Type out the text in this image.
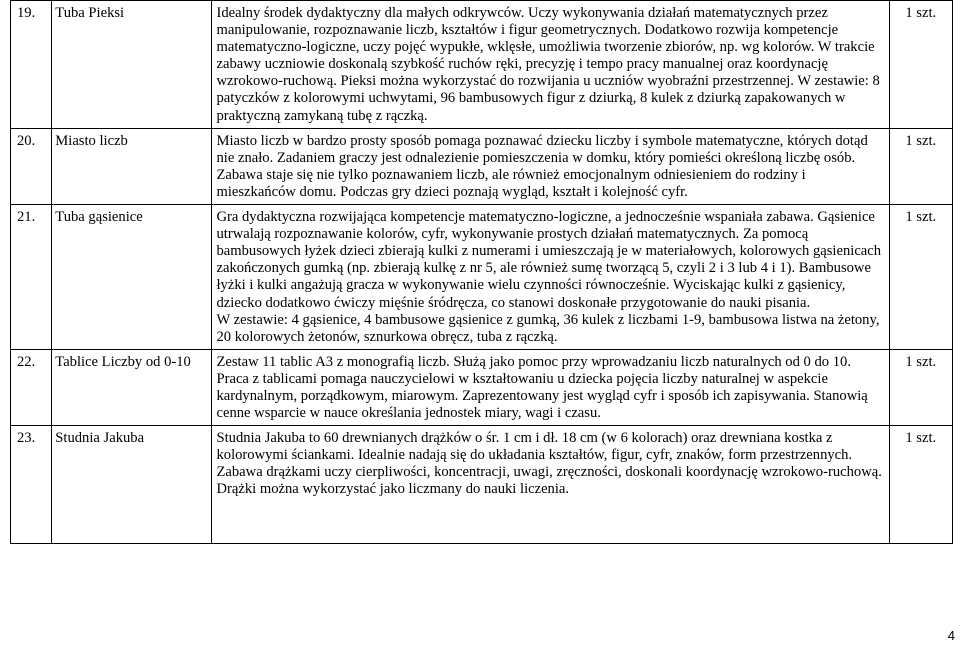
19.	Tuba Pieksi	Idealny środek dydaktyczny dla małych odkrywców. Uczy wykonywania działań matematycznych przez manipulowanie, rozpoznawanie liczb, kształtów i figur geometrycznych. Dodatkowo rozwija kompetencje matematyczno-logiczne, uczy pojęć wypukłe, wklęsłe, umożliwia tworzenie zbiorów, np. wg kolorów. W trakcie zabawy uczniowie doskonalą szybkość ruchów ręki, precyzję i tempo pracy manualnej oraz koordynację wzrokowo-ruchową. Pieksi można wykorzystać do rozwijania u uczniów wyobraźni przestrzennej. W zestawie: 8 patyczków z kolorowymi uchwytami, 96 bambusowych figur z dziurką, 8 kulek z dziurką zapakowanych w praktyczną zamykaną tubę z rączką.	1 szt.
20.	Miasto liczb	Miasto liczb w bardzo prosty sposób pomaga poznawać dziecku liczby i symbole matematyczne, których dotąd nie znało. Zadaniem graczy jest odnalezienie pomieszczenia w domku, który pomieści określoną liczbę osób. Zabawa staje się nie tylko poznawaniem liczb, ale również emocjonalnym odniesieniem do rodziny i mieszkańców domu. Podczas gry dzieci poznają wygląd, kształt i kolejność cyfr.	1 szt.
21.	Tuba gąsienice	Gra dydaktyczna rozwijająca kompetencje matematyczno-logiczne, a jednocześnie wspaniała zabawa. Gąsienice utrwalają rozpoznawanie kolorów, cyfr, wykonywanie prostych działań matematycznych. Za pomocą bambusowych łyżek dzieci zbierają kulki z numerami i umieszczają je w materiałowych, kolorowych gąsienicach zakończonych gumką (np. zbierają kulkę z nr 5, ale również sumę tworzącą 5, czyli 2 i 3 lub 4 i 1). Bambusowe łyżki i kulki angażują gracza w wykonywanie wielu czynności równocześnie. Wyciskając kulki z gąsienicy, dziecko dodatkowo ćwiczy mięśnie śródręcza, co stanowi doskonałe przygotowanie do nauki pisania.
W zestawie: 4 gąsienice, 4 bambusowe gąsienice z gumką, 36 kulek z liczbami 1-9, bambusowa listwa na żetony, 20 kolorowych żetonów, sznurkowa obręcz, tuba z rączką.	1 szt.
22.	Tablice Liczby od 0-10	Zestaw 11 tablic A3 z monografią liczb. Służą jako pomoc przy wprowadzaniu liczb naturalnych od 0 do 10. Praca z tablicami pomaga nauczycielowi w kształtowaniu u dziecka pojęcia liczby naturalnej w aspekcie kardynalnym, porządkowym, miarowym. Zaprezentowany jest wygląd cyfr i sposób ich zapisywania. Stanowią cenne wsparcie w nauce określania jednostek miary, wagi i czasu.	1 szt.
23.	Studnia Jakuba	Studnia Jakuba to 60 drewnianych drążków o śr. 1 cm i dł. 18 cm (w 6 kolorach) oraz drewniana kostka z kolorowymi ściankami. Idealnie nadają się do układania kształtów, figur, cyfr, znaków, form przestrzennych. Zabawa drążkami uczy cierpliwości, koncentracji, uwagi, zręczności, doskonali koordynację wzrokowo-ruchową. Drążki można wykorzystać jako liczmany do nauki liczenia.	1 szt.
4
